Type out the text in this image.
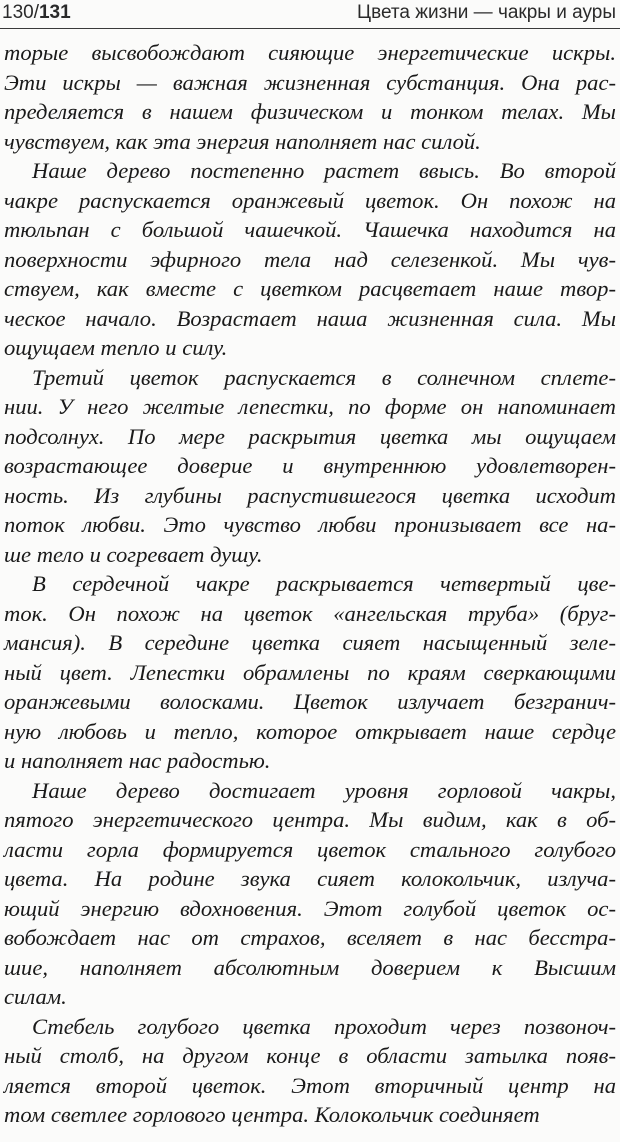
130/131	Цвета жизни — чакры и ауры
торые высвобождают сияющие энергетические искры.
Эти искры — важная жизненная субстанция. Она рас-
пределяется в нашем физическом и тонком телах. Мы
чувствуем, как эта энергия наполняет нас силой.
Наше дерево постепенно растет ввысь. Во второй
чакре распускается оранжевый цветок. Он похож на
тюльпан с большой чашечкой. Чашечка находится на
поверхности эфирного тела над селезенкой. Мы чув-
ствуем, как вместе с цветком расцветает наше твор-
ческое начало. Возрастает наша жизненная сила. Мы
ощущаем тепло и силу.
Третий цветок распускается в солнечном сплете-
нии. У него желтые лепестки, по форме он напоминает
подсолнух. По мере раскрытия цветка мы ощущаем
возрастающее доверие и внутреннюю удовлетворен-
ность. Из глубины распустившегося цветка исходит
поток любви. Это чувство любви пронизывает все на-
ше тело и согревает душу.
В сердечной чакре раскрывается четвертый цве-
ток. Он похож на цветок «ангельская труба» (бруг-
мансия). В середине цветка сияет насыщенный зеле-
ный цвет. Лепестки обрамлены по краям сверкающими
оранжевыми волосками. Цветок излучает безгранич-
ную любовь и тепло, которое открывает наше сердце
и наполняет нас радостью.
Наше дерево достигает уровня горловой чакры,
пятого энергетического центра. Мы видим, как в об-
ласти горла формируется цветок стального голубого
цвета. На родине звука сияет колокольчик, излуча-
ющий энергию вдохновения. Этот голубой цветок ос-
вобождает нас от страхов, вселяет в нас бесстра-
шие, наполняет абсолютным доверием к Высшим
силам.
Стебель голубого цветка проходит через позвоноч-
ный столб, на другом конце в области затылка появ-
ляется второй цветок. Этот вторичный центр на
том светлее горлового центра. Колокольчик соединяет
